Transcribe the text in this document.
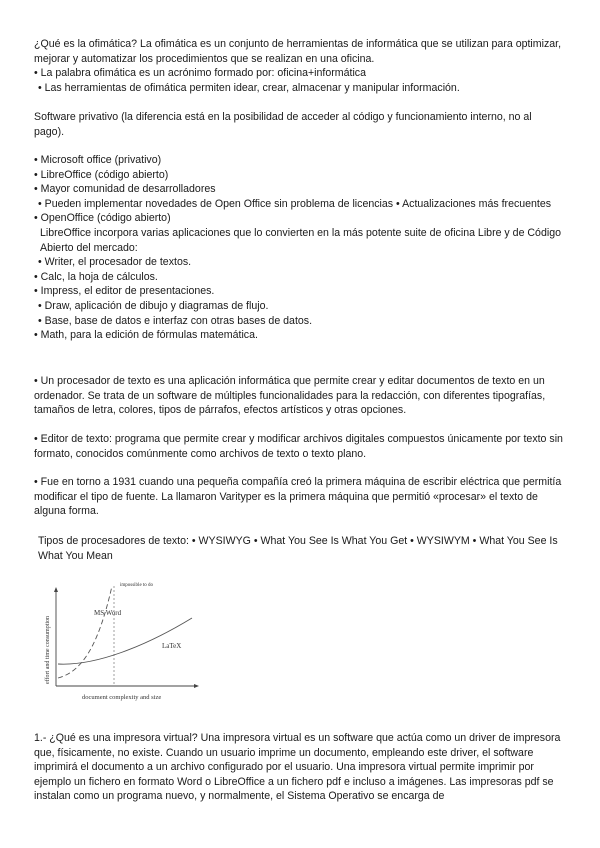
¿Qué es la ofimática? La ofimática es un conjunto de herramientas de informática que se utilizan para optimizar, mejorar y automatizar los procedimientos que se realizan en una oficina.

• La palabra ofimática es un acrónimo formado por: oficina+informática

• Las herramientas de ofimática permiten idear, crear, almacenar y manipular información.

Software privativo (la diferencia está en la posibilidad de acceder al código y funcionamiento interno, no al pago).

• Microsoft office (privativo)

• LibreOffice (código abierto)

• Mayor comunidad de desarrolladores

• Pueden implementar novedades de Open Office sin problema de licencias • Actualizaciones más frecuentes

• OpenOffice (código abierto)

LibreOffice incorpora varias aplicaciones que lo convierten en la más potente suite de oficina Libre y de Código Abierto del mercado:

• Writer, el procesador de textos.

• Calc, la hoja de cálculos.

• Impress, el editor de presentaciones.

• Draw, aplicación de dibujo y diagramas de flujo.

• Base, base de datos e interfaz con otras bases de datos.

• Math, para la edición de fórmulas matemática.

• Un procesador de texto es una aplicación informática que permite crear y editar documentos de texto en un ordenador. Se trata de un software de múltiples funcionalidades para la redacción, con diferentes tipografías, tamaños de letra, colores, tipos de párrafos, efectos artísticos y otras opciones.

• Editor de texto: programa que permite crear y modificar archivos digitales compuestos únicamente por texto sin formato, conocidos comúnmente como archivos de texto o texto plano.

• Fue en torno a 1931 cuando una pequeña compañía creó la primera máquina de escribir eléctrica que permitía modificar el tipo de fuente. La llamaron Varityper es la primera máquina que permitió «procesar» el texto de alguna forma.

Tipos de procesadores de texto: • WYSIWYG • What You See Is What You Get • WYSIWYM • What You See Is What You Mean

impossible to do
MS Word
LaTeX
document complexity and size
effort and time consumption

1.- ¿Qué es una impresora virtual? Una impresora virtual es un software que actúa como un driver de impresora que, físicamente, no existe. Cuando un usuario imprime un documento, empleando este driver, el software imprimirá el documento a un archivo configurado por el usuario. Una impresora virtual permite imprimir por ejemplo un fichero en formato Word o LibreOffice a un fichero pdf e incluso a imágenes. Las impresoras pdf se instalan como un programa nuevo, y normalmente, el Sistema Operativo se encarga de
